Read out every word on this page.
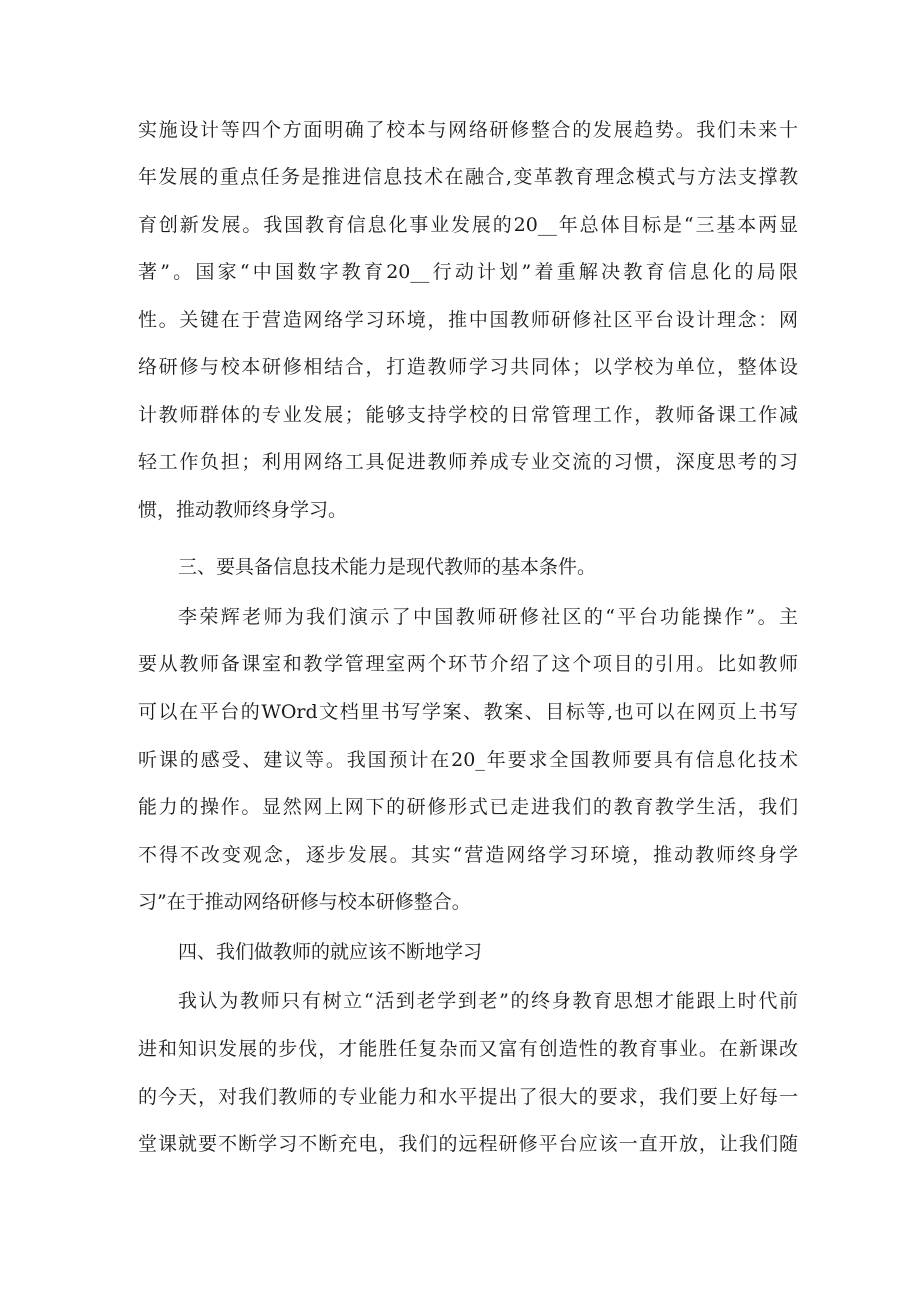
实施设计等四个方面明确了校本与网络研修整合的发展趋势。我们未来十
年发展的重点任务是推进信息技术在融合,变革教育理念模式与方法支撑教
育创新发展。我国教育信息化事业发展的20__年总体目标是“三基本两显
著”。国家“中国数字教育20__行动计划”着重解决教育信息化的局限
性。关键在于营造网络学习环境，推中国教师研修社区平台设计理念：网
络研修与校本研修相结合，打造教师学习共同体；以学校为单位，整体设
计教师群体的专业发展；能够支持学校的日常管理工作，教师备课工作减
轻工作负担；利用网络工具促进教师养成专业交流的习惯，深度思考的习
惯，推动教师终身学习。
三、要具备信息技术能力是现代教师的基本条件。
李荣辉老师为我们演示了中国教师研修社区的“平台功能操作”。主
要从教师备课室和教学管理室两个环节介绍了这个项目的引用。比如教师
可以在平台的WOrd文档里书写学案、教案、目标等,也可以在网页上书写
听课的感受、建议等。我国预计在20_年要求全国教师要具有信息化技术
能力的操作。显然网上网下的研修形式已走进我们的教育教学生活，我们
不得不改变观念，逐步发展。其实“营造网络学习环境，推动教师终身学
习”在于推动网络研修与校本研修整合。
四、我们做教师的就应该不断地学习
我认为教师只有树立“活到老学到老”的终身教育思想才能跟上时代前
进和知识发展的步伐，才能胜任复杂而又富有创造性的教育事业。在新课改
的今天，对我们教师的专业能力和水平提出了很大的要求，我们要上好每一
堂课就要不断学习不断充电，我们的远程研修平台应该一直开放，让我们随
